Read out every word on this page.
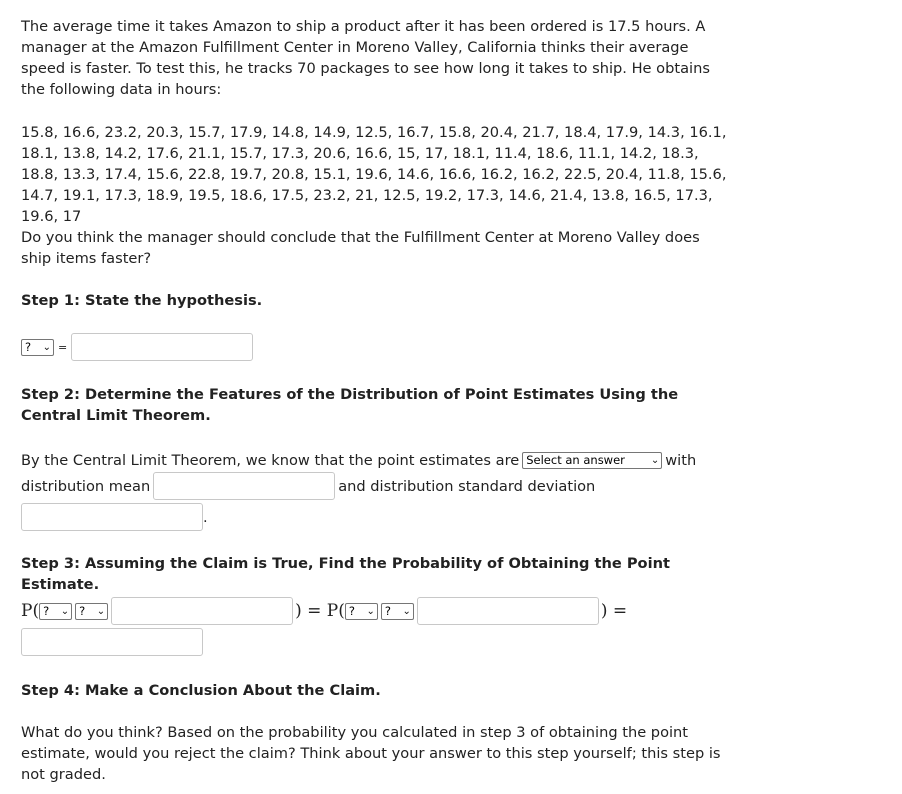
The average time it takes Amazon to ship a product after it has been ordered is 17.5 hours. A manager at the Amazon Fulfillment Center in Moreno Valley, California thinks their average speed is faster. To test this, he tracks 70 packages to see how long it takes to ship. He obtains the following data in hours:

15.8, 16.6, 23.2, 20.3, 15.7, 17.9, 14.8, 14.9, 12.5, 16.7, 15.8, 20.4, 21.7, 18.4, 17.9, 14.3, 16.1, 18.1, 13.8, 14.2, 17.6, 21.1, 15.7, 17.3, 20.6, 16.6, 15, 17, 18.1, 11.4, 18.6, 11.1, 14.2, 18.3, 18.8, 13.3, 17.4, 15.6, 22.8, 19.7, 20.8, 15.1, 19.6, 14.6, 16.6, 16.2, 16.2, 22.5, 20.4, 11.8, 15.6, 14.7, 19.1, 17.3, 18.9, 19.5, 18.6, 17.5, 23.2, 21, 12.5, 19.2, 17.3, 14.6, 21.4, 13.8, 16.5, 17.3, 19.6, 17

Do you think the manager should conclude that the Fulfillment Center at Moreno Valley does ship items faster?

Step 1: State the hypothesis.

? ⌄ =

Step 2: Determine the Features of the Distribution of Point Estimates Using the Central Limit Theorem.

By the Central Limit Theorem, we know that the point estimates are Select an answer	⌄ with
distribution mean	and distribution standard deviation
.

Step 3: Assuming the Claim is True, Find the Probability of Obtaining the Point Estimate.

P( ? ⌄ ? ⌄	) = P( ? ⌄ ? ⌄	) =

Step 4: Make a Conclusion About the Claim.

What do you think? Based on the probability you calculated in step 3 of obtaining the point estimate, would you reject the claim? Think about your answer to this step yourself; this step is not graded.
